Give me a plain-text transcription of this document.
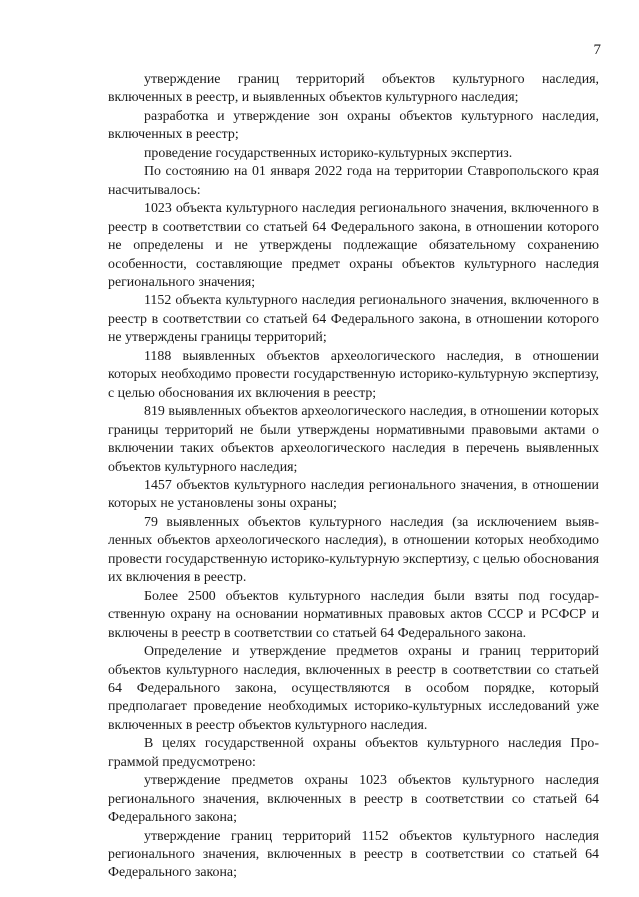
7

утверждение границ территорий объектов культурного наследия, включенных в реестр, и выявленных объектов культурного наследия;

разработка и утверждение зон охраны объектов культурного наследия, включенных в реестр;

проведение государственных историко-культурных экспертиз.

По состоянию на 01 января 2022 года на территории Ставропольского края насчитывалось:

1023 объекта культурного наследия регионального значения, включенного в реестр в соответствии со статьей 64 Федерального закона, в отношении которого не определены и не утверждены подлежащие обязательному сохранению особенности, составляющие предмет охраны объектов культурного наследия регионального значения;

1152 объекта культурного наследия регионального значения, включенного в реестр в соответствии со статьей 64 Федерального закона, в отношении которого не утверждены границы территорий;

1188 выявленных объектов археологического наследия, в отношении которых необходимо провести государственную историко-культурную экспертизу, с целью обоснования их включения в реестр;

819 выявленных объектов археологического наследия, в отношении которых границы территорий не были утверждены нормативными правовыми актами о включении таких объектов археологического наследия в перечень выявленных объектов культурного наследия;

1457 объектов культурного наследия регионального значения, в отношении которых не установлены зоны охраны;

79 выявленных объектов культурного наследия (за исключением выявленных объектов археологического наследия), в отношении которых необходимо провести государственную историко-культурную экспертизу, с целью обоснования их включения в реестр.

Более 2500 объектов культурного наследия были взяты под государственную охрану на основании нормативных правовых актов СССР и РСФСР и включены в реестр в соответствии со статьей 64 Федерального закона.

Определение и утверждение предметов охраны и границ территорий объектов культурного наследия, включенных в реестр в соответствии со статьей 64 Федерального закона, осуществляются в особом порядке, который предполагает проведение необходимых историко-культурных исследований уже включенных в реестр объектов культурного наследия.

В целях государственной охраны объектов культурного наследия Программой предусмотрено:

утверждение предметов охраны 1023 объектов культурного наследия регионального значения, включенных в реестр в соответствии со статьей 64 Федерального закона;

утверждение границ территорий 1152 объектов культурного наследия регионального значения, включенных в реестр в соответствии со статьей 64 Федерального закона;
